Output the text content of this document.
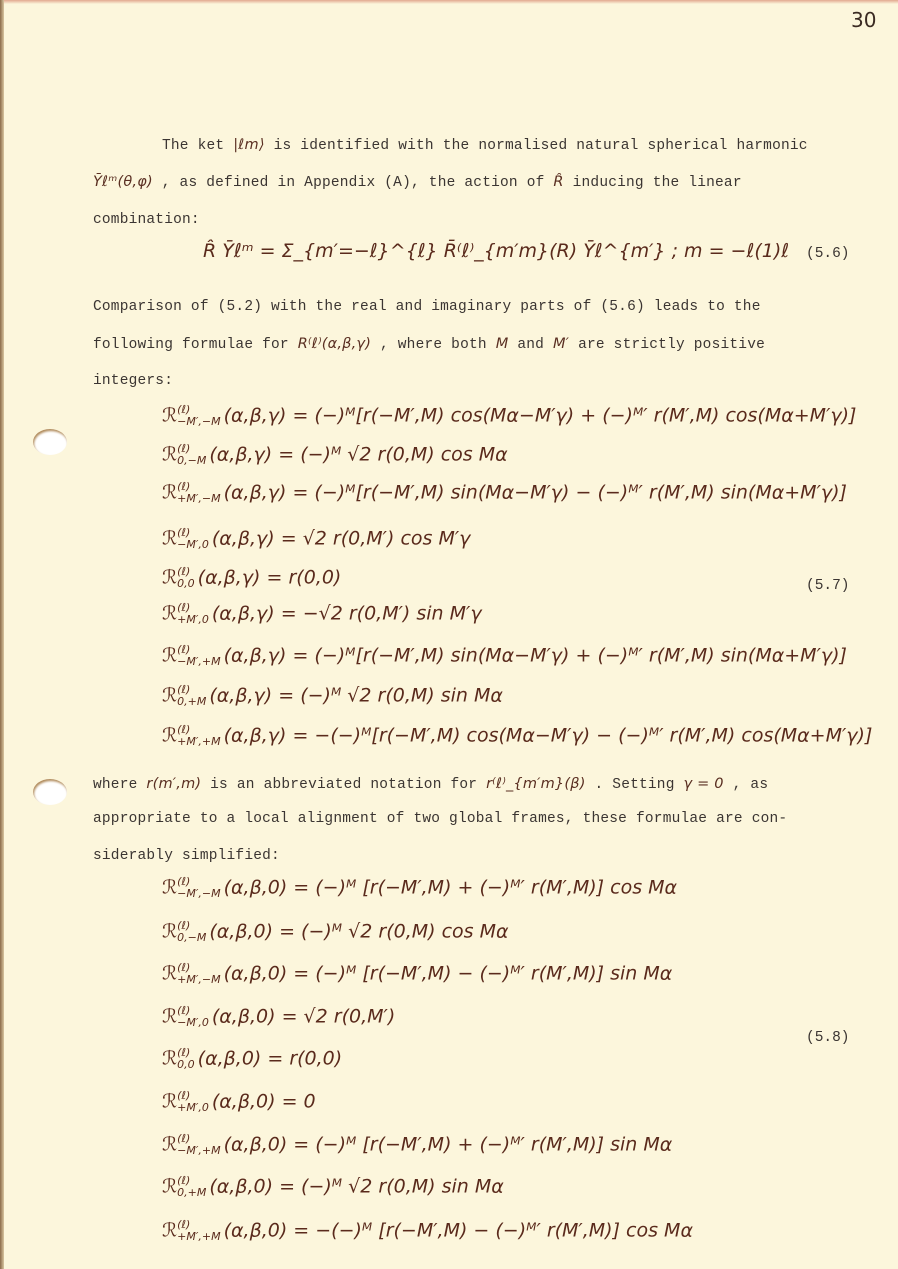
30
The ket |ℓm⟩ is identified with the normalised natural spherical harmonic
Ȳℓᵐ(θ,φ) , as defined in Appendix (A), the action of R̂ inducing the linear
combination:
R̂ Ȳℓᵐ = Σ_{m′=−ℓ}^{ℓ} R̄⁽ℓ⁾_{m′m}(R) Ȳℓ^{m′} ; m = −ℓ(1)ℓ (5.6)
Comparison of (5.2) with the real and imaginary parts of (5.6) leads to the
following formulae for R⁽ℓ⁾(α,β,γ) , where both M and M′ are strictly positive
integers:
ℛ (ℓ)
−M′,−M (α,β,γ) = (−)ᴹ[r(−M′,M) cos(Mα−M′γ) + (−)ᴹ′ r(M′,M) cos(Mα+M′γ)]
ℛ (ℓ)
0,−M (α,β,γ) = (−)ᴹ √2 r(0,M) cos Mα
ℛ (ℓ)
+M′,−M (α,β,γ) = (−)ᴹ[r(−M′,M) sin(Mα−M′γ) − (−)ᴹ′ r(M′,M) sin(Mα+M′γ)]
ℛ (ℓ)
−M′,0 (α,β,γ) = √2 r(0,M′) cos M′γ
ℛ (ℓ)
0,0 (α,β,γ) = r(0,0)
ℛ (ℓ)
+M′,0 (α,β,γ) = −√2 r(0,M′) sin M′γ
ℛ (ℓ)
−M′,+M (α,β,γ) = (−)ᴹ[r(−M′,M) sin(Mα−M′γ) + (−)ᴹ′ r(M′,M) sin(Mα+M′γ)]
ℛ (ℓ)
0,+M (α,β,γ) = (−)ᴹ √2 r(0,M) sin Mα
ℛ (ℓ)
+M′,+M (α,β,γ) = −(−)ᴹ[r(−M′,M) cos(Mα−M′γ) − (−)ᴹ′ r(M′,M) cos(Mα+M′γ)]
(5.7)
where r(m′,m) is an abbreviated notation for r⁽ℓ⁾_{m′m}(β) . Setting γ = 0 , as
appropriate to a local alignment of two global frames, these formulae are con-
siderably simplified:
ℛ (ℓ)
−M′,−M (α,β,0) = (−)ᴹ [r(−M′,M) + (−)ᴹ′ r(M′,M)] cos Mα
ℛ (ℓ)
0,−M (α,β,0) = (−)ᴹ √2 r(0,M) cos Mα
ℛ (ℓ)
+M′,−M (α,β,0) = (−)ᴹ [r(−M′,M) − (−)ᴹ′ r(M′,M)] sin Mα
ℛ (ℓ)
−M′,0 (α,β,0) = √2 r(0,M′)
ℛ (ℓ)
0,0 (α,β,0) = r(0,0)
ℛ (ℓ)
+M′,0 (α,β,0) = 0
ℛ (ℓ)
−M′,+M (α,β,0) = (−)ᴹ [r(−M′,M) + (−)ᴹ′ r(M′,M)] sin Mα
ℛ (ℓ)
0,+M (α,β,0) = (−)ᴹ √2 r(0,M) sin Mα
ℛ (ℓ)
+M′,+M (α,β,0) = −(−)ᴹ [r(−M′,M) − (−)ᴹ′ r(M′,M)] cos Mα
(5.8)
